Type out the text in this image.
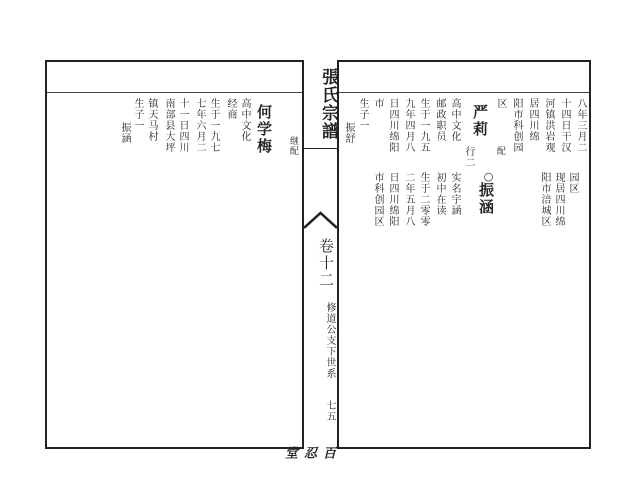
張氏宗譜
卷十二
修道公支下世系
七五
百忍堂
继配
何学梅
高中文化
经商
生于一九七
七年六月二
十一日四川
南部县大坪
镇天马村
生子一
振涵	八年三月二
十四日干汉
河镇洪岩观
居四川绵
阳市科创园
区
配
严莉
高中文化
邮政职员
生于一九五
九年四月八
日四川绵阳
市
生子一
振舒
园区
现居四川绵
阳市涪城区
行二
○
振涵
实名宇涵
初中在读
生于二零零
二年五月八
日四川绵阳
市科创园区
